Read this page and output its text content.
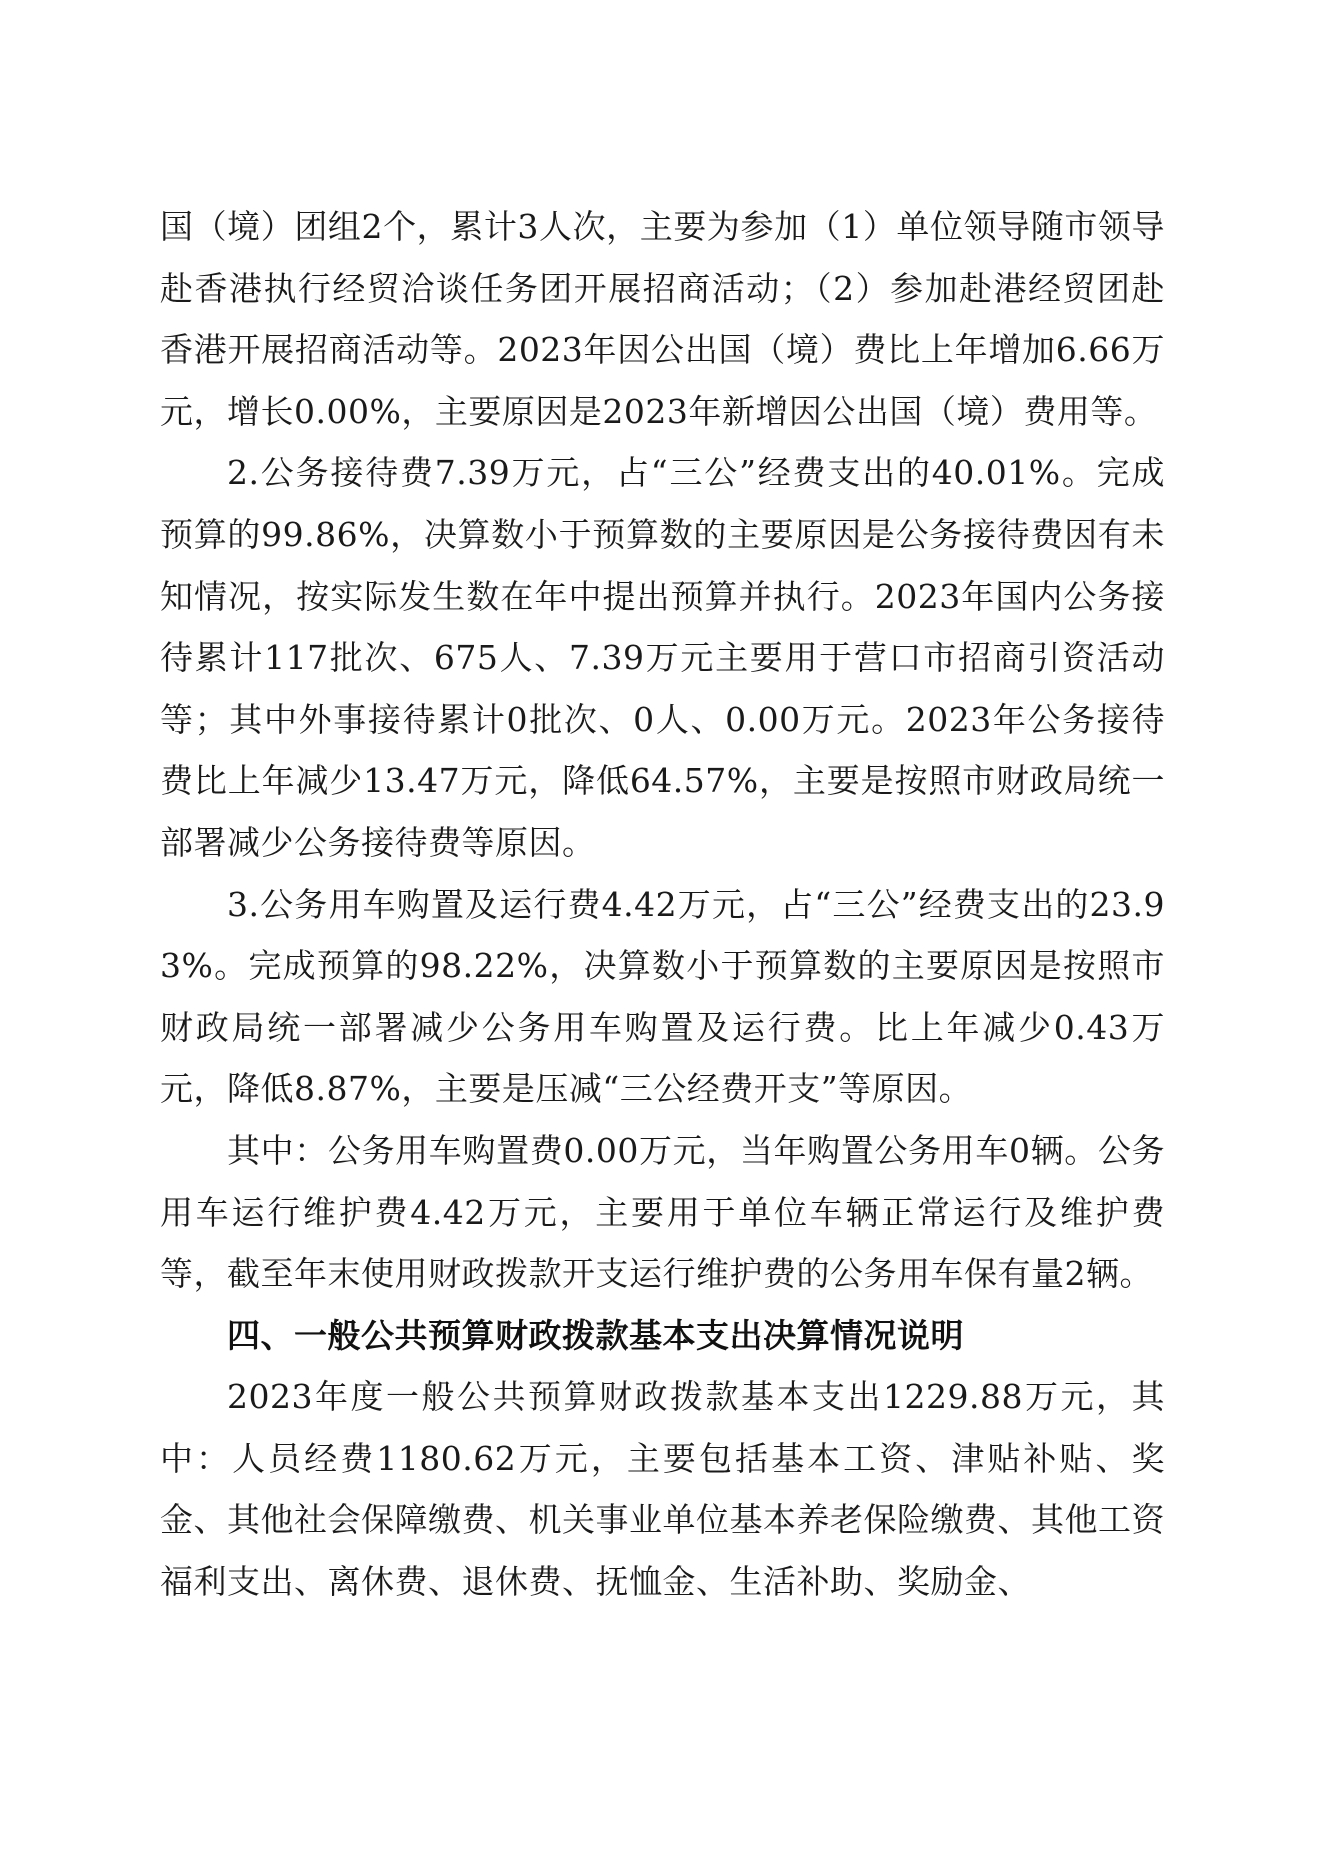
国（境）团组2个，累计3人次，主要为参加（1）单位领导随市领导赴香港执行经贸洽谈任务团开展招商活动；（2）参加赴港经贸团赴香港开展招商活动等。2023年因公出国（境）费比上年增加6.66万元，增长0.00%，主要原因是2023年新增因公出国（境）费用等。

2.公务接待费7.39万元，占“三公”经费支出的40.01%。完成预算的99.86%，决算数小于预算数的主要原因是公务接待费因有未知情况，按实际发生数在年中提出预算并执行。2023年国内公务接待累计117批次、675人、7.39万元主要用于营口市招商引资活动等；其中外事接待累计0批次、0人、0.00万元。2023年公务接待费比上年减少13.47万元，降低64.57%，主要是按照市财政局统一部署减少公务接待费等原因。

3.公务用车购置及运行费4.42万元，占“三公”经费支出的23.93%。完成预算的98.22%，决算数小于预算数的主要原因是按照市财政局统一部署减少公务用车购置及运行费。比上年减少0.43万元，降低8.87%，主要是压减“三公经费开支”等原因。

其中：公务用车购置费0.00万元，当年购置公务用车0辆。公务用车运行维护费4.42万元，主要用于单位车辆正常运行及维护费等，截至年末使用财政拨款开支运行维护费的公务用车保有量2辆。

四、一般公共预算财政拨款基本支出决算情况说明

2023年度一般公共预算财政拨款基本支出1229.88万元，其中：人员经费1180.62万元，主要包括基本工资、津贴补贴、奖金、其他社会保障缴费、机关事业单位基本养老保险缴费、其他工资福利支出、离休费、退休费、抚恤金、生活补助、奖励金、
